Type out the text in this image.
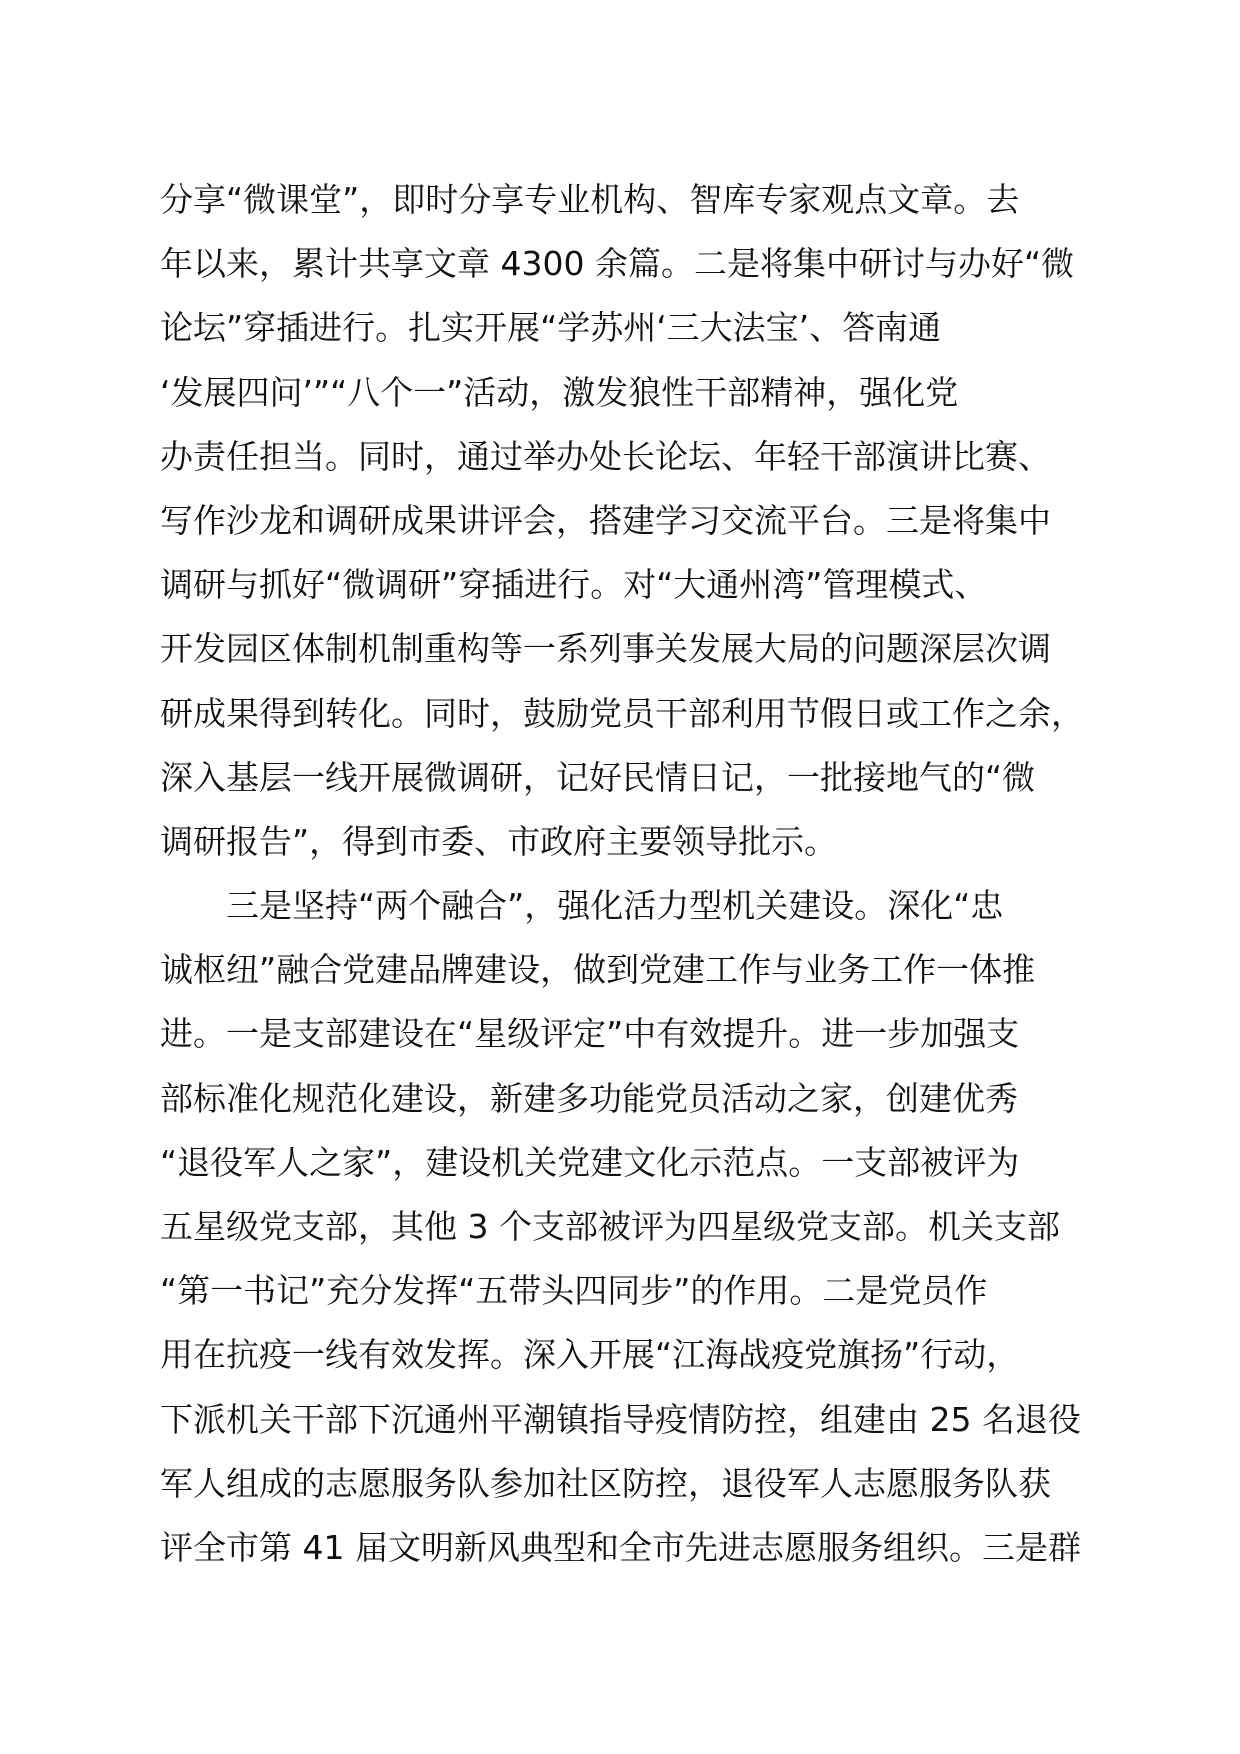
分享“微课堂”，即时分享专业机构、智库专家观点文章。去
年以来，累计共享文章 4300 余篇。二是将集中研讨与办好“微
论坛”穿插进行。扎实开展“学苏州‘三大法宝’、答南通
‘发展四问’”“八个一”活动，激发狼性干部精神，强化党
办责任担当。同时，通过举办处长论坛、年轻干部演讲比赛、
写作沙龙和调研成果讲评会，搭建学习交流平台。三是将集中
调研与抓好“微调研”穿插进行。对“大通州湾”管理模式、
开发园区体制机制重构等一系列事关发展大局的问题深层次调
研成果得到转化。同时，鼓励党员干部利用节假日或工作之余，
深入基层一线开展微调研，记好民情日记，一批接地气的“微
调研报告”，得到市委、市政府主要领导批示。
　　三是坚持“两个融合”，强化活力型机关建设。深化“忠
诚枢纽”融合党建品牌建设，做到党建工作与业务工作一体推
进。一是支部建设在“星级评定”中有效提升。进一步加强支
部标准化规范化建设，新建多功能党员活动之家，创建优秀
“退役军人之家”，建设机关党建文化示范点。一支部被评为
五星级党支部，其他 3 个支部被评为四星级党支部。机关支部
“第一书记”充分发挥“五带头四同步”的作用。二是党员作
用在抗疫一线有效发挥。深入开展“江海战疫党旗扬”行动，
下派机关干部下沉通州平潮镇指导疫情防控，组建由 25 名退役
军人组成的志愿服务队参加社区防控，退役军人志愿服务队获
评全市第 41 届文明新风典型和全市先进志愿服务组织。三是群
